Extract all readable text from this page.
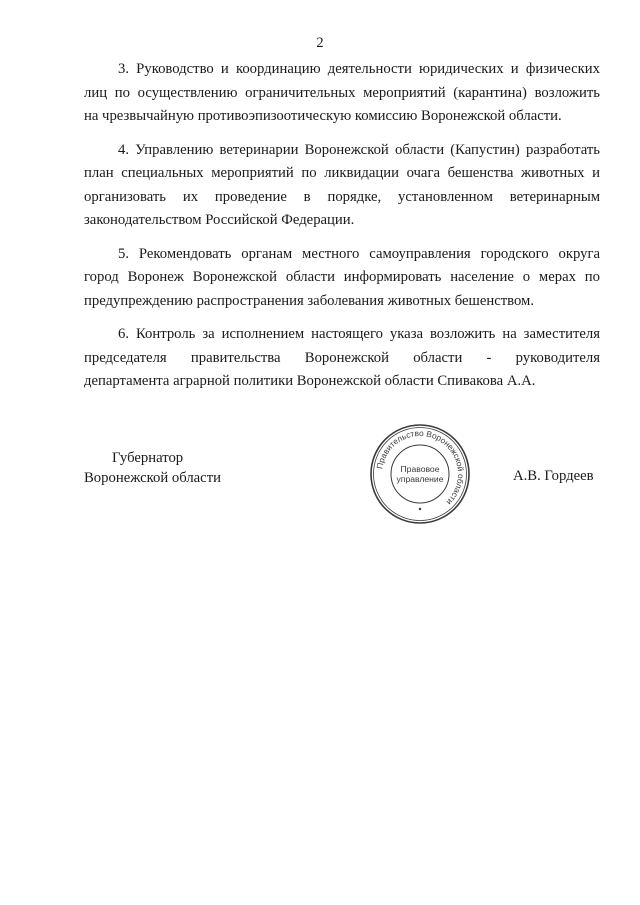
2

3. Руководство и координацию деятельности юридических и физических
лиц по осуществлению ограничительных мероприятий (карантина) возложить
на чрезвычайную противоэпизоотическую комиссию Воронежской области.

4. Управлению ветеринарии Воронежской области (Капустин) разработать
план специальных мероприятий по ликвидации очага бешенства животных и
организовать их проведение в порядке, установленном ветеринарным
законодательством Российской Федерации.

5. Рекомендовать органам местного самоуправления городского округа
город Воронеж Воронежской области информировать население о мерах по
предупреждению распространения заболевания животных бешенством.

6. Контроль за исполнением настоящего указа возложить на заместителя
председателя правительства Воронежской области - руководителя
департамента аграрной политики Воронежской области Спивакова А.А.

Губернатор
Воронежской области	А.В. Гордеев
Правительство Воронежской области
Правовое
управление
